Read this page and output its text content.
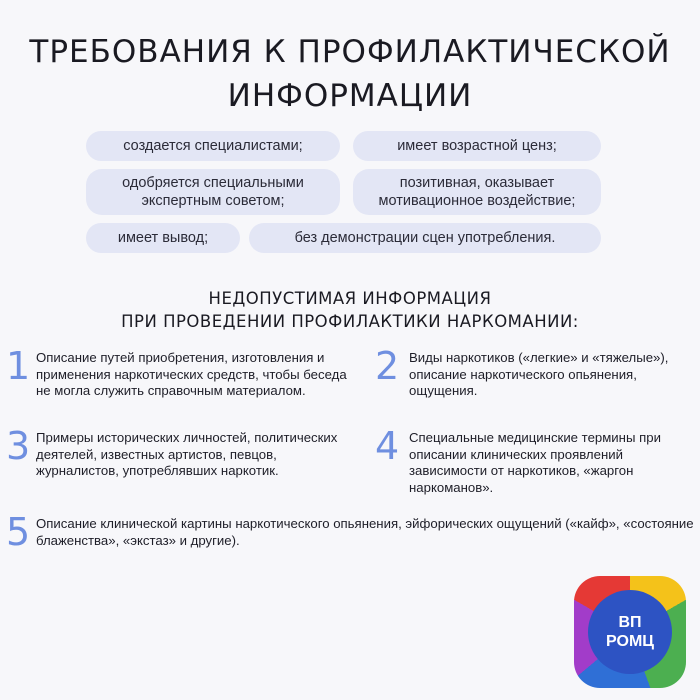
ТРЕБОВАНИЯ К ПРОФИЛАКТИЧЕСКОЙ
ИНФОРМАЦИИ
создается специалистами;	имеет возрастной ценз;
одобряется специальными экспертным советом;
позитивная, оказывает мотивационное воздействие;
имеет вывод;	без демонстрации сцен употребления.
НЕДОПУСТИМАЯ ИНФОРМАЦИЯ
ПРИ ПРОВЕДЕНИИ ПРОФИЛАКТИКИ НАРКОМАНИИ:
1 Описание путей приобретения, изготовления и применения наркотических средств, чтобы беседа не могла служить справочным материалом.
2 Виды наркотиков («легкие» и «тяжелые»), описание наркотического опьянения, ощущения.
3 Примеры исторических личностей, политических деятелей, известных артистов, певцов, журналистов, употреблявших наркотик.
4 Специальные медицинские термины при описании клинических проявлений зависимости от наркотиков, «жаргон наркоманов».
5 Описание клинической картины наркотического опьянения, эйфорических ощущений («кайф», «состояние блаженства», «экстаз» и другие).
ВП
РОМЦ
